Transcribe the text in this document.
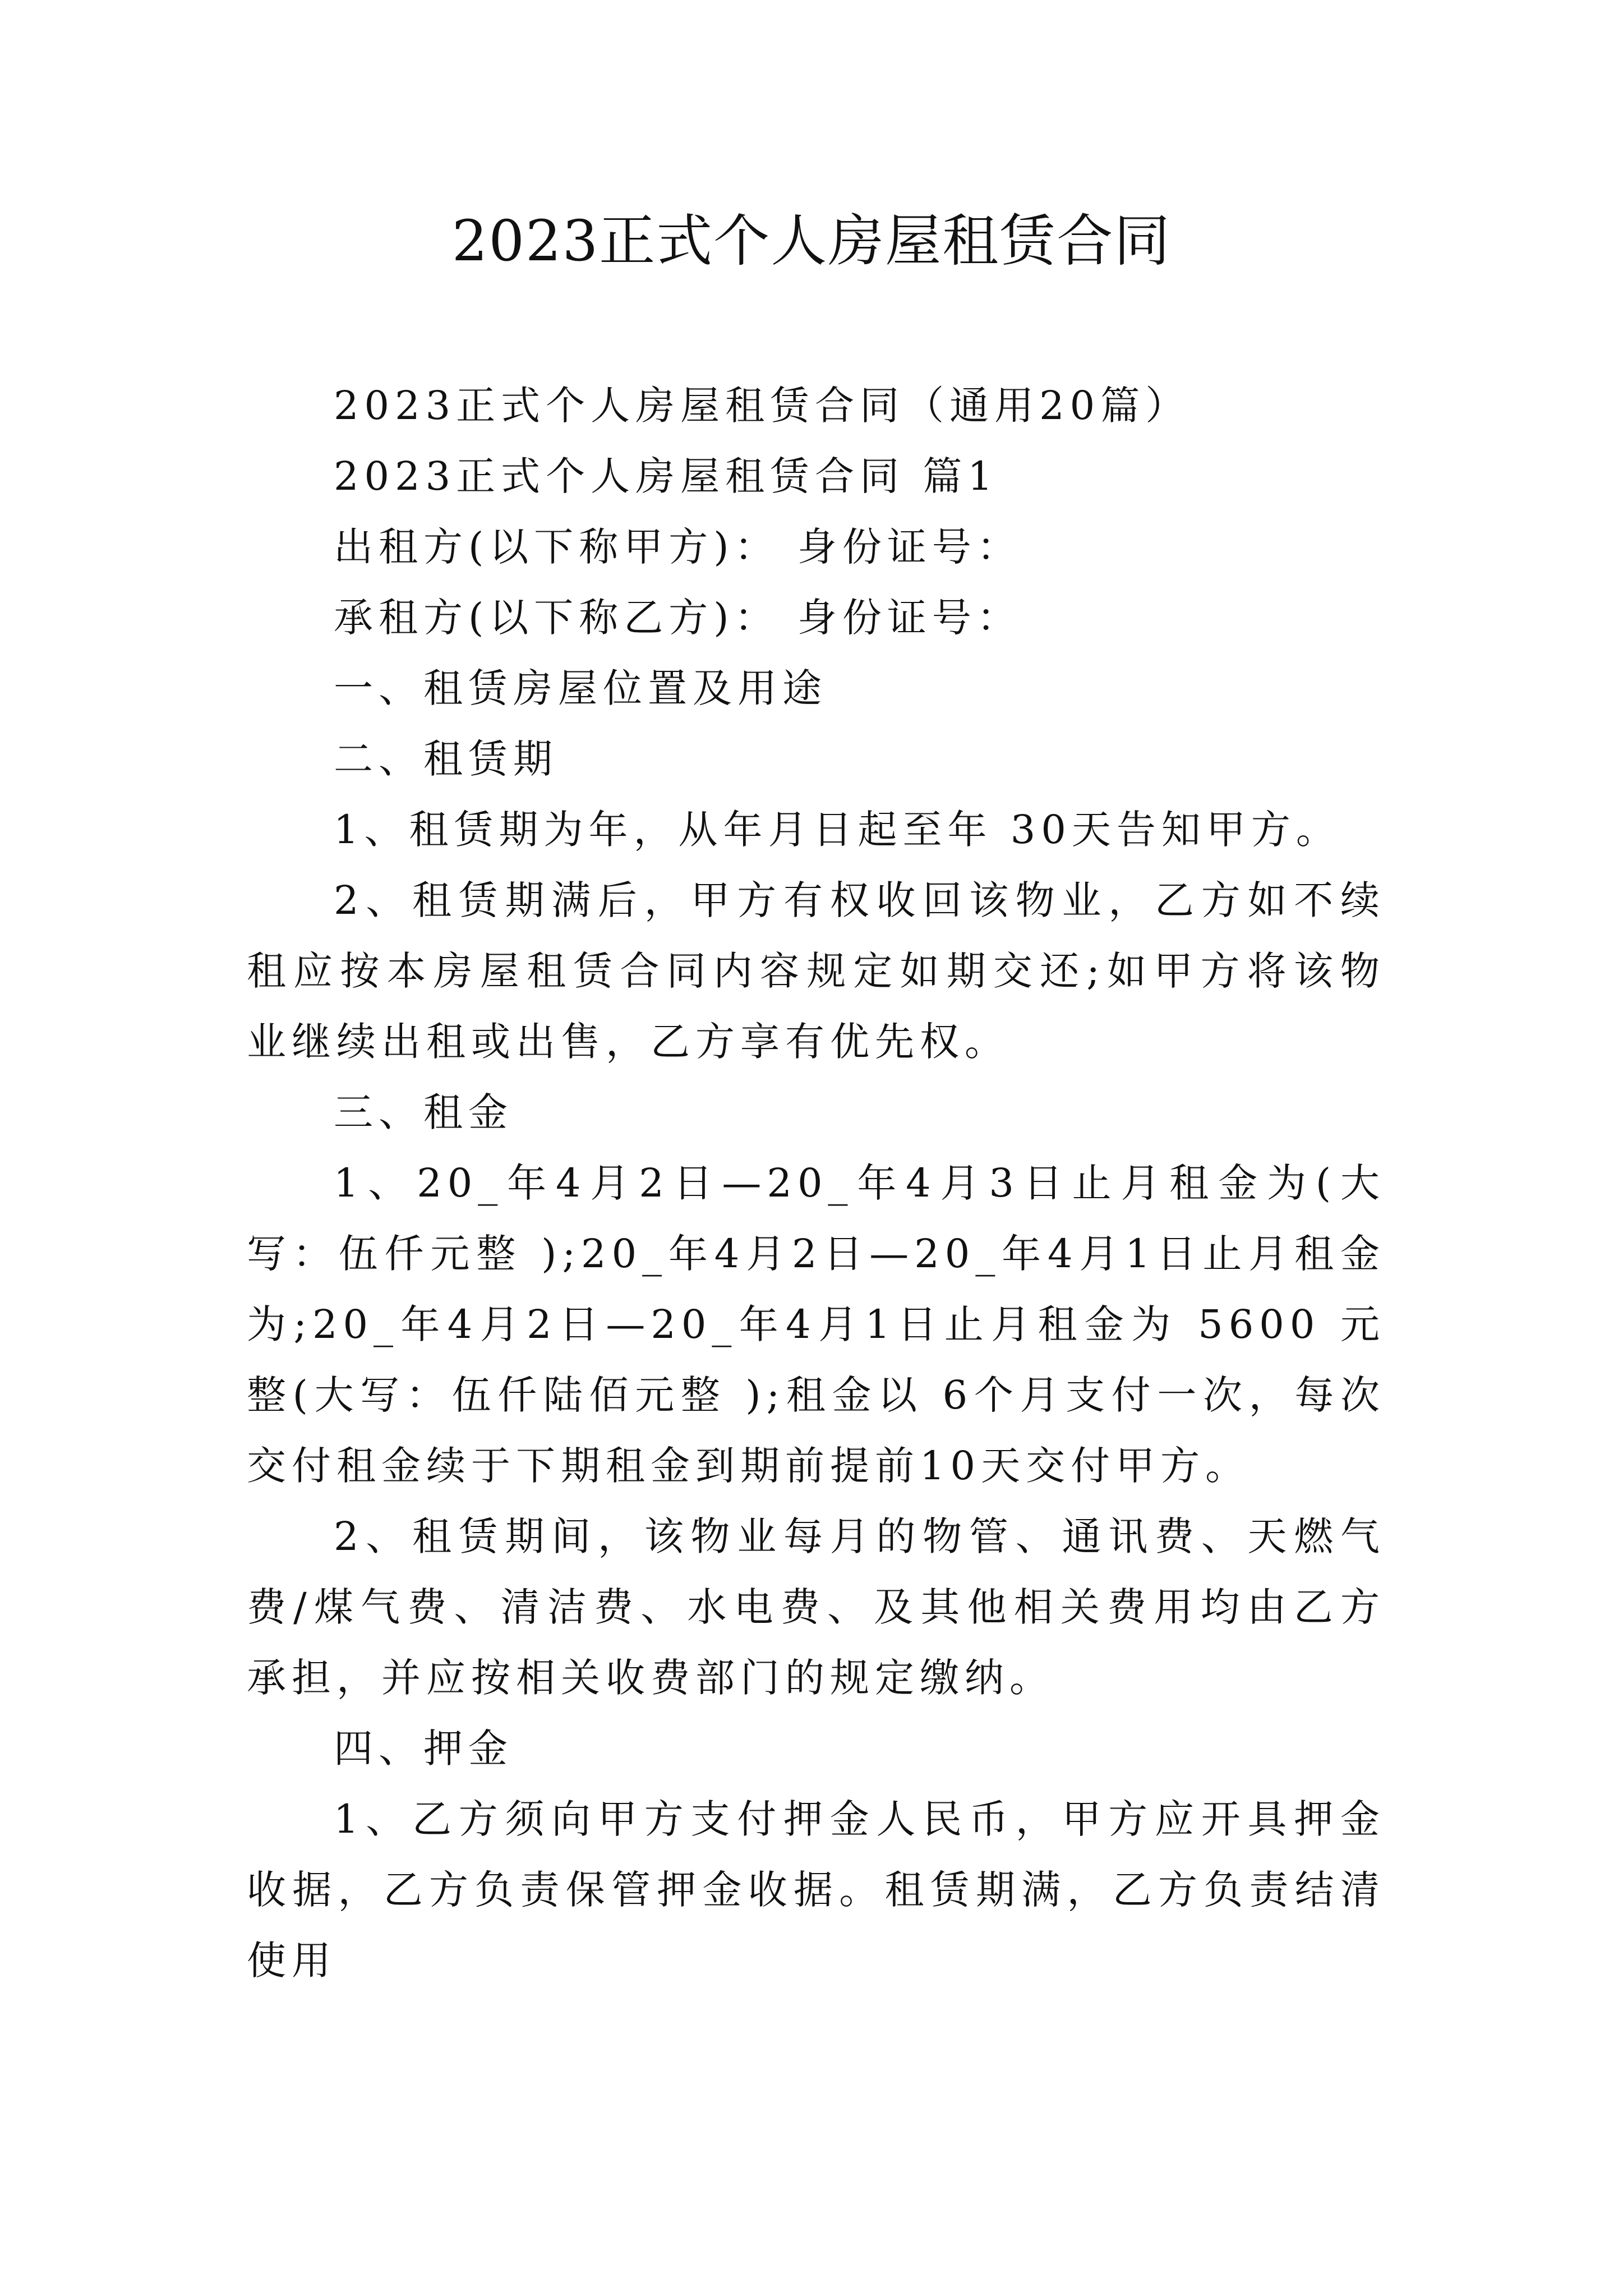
2023正式个人房屋租赁合同

2023正式个人房屋租赁合同（通用20篇）

2023正式个人房屋租赁合同 篇1

出租方(以下称甲方)： 身份证号：

承租方(以下称乙方)： 身份证号：

一、租赁房屋位置及用途

二、租赁期

1、租赁期为年，从年月日起至年 30天告知甲方。

2、租赁期满后，甲方有权收回该物业，乙方如不续租应按本房屋租赁合同内容规定如期交还;如甲方将该物业继续出租或出售，乙方享有优先权。

三、租金

1、20_年4月2日—20_年4月3日止月租金为(大写：伍仟元整 );20_年4月2日—20_年4月1日止月租金为;20_年4月2日—20_年4月1日止月租金为 5600 元整(大写：伍仟陆佰元整 );租金以 6个月支付一次，每次交付租金续于下期租金到期前提前10天交付甲方。

2、租赁期间，该物业每月的物管、通讯费、天燃气费/煤气费、清洁费、水电费、及其他相关费用均由乙方承担，并应按相关收费部门的规定缴纳。

四、押金

1、乙方须向甲方支付押金人民币，甲方应开具押金收据，乙方负责保管押金收据。租赁期满，乙方负责结清使用
